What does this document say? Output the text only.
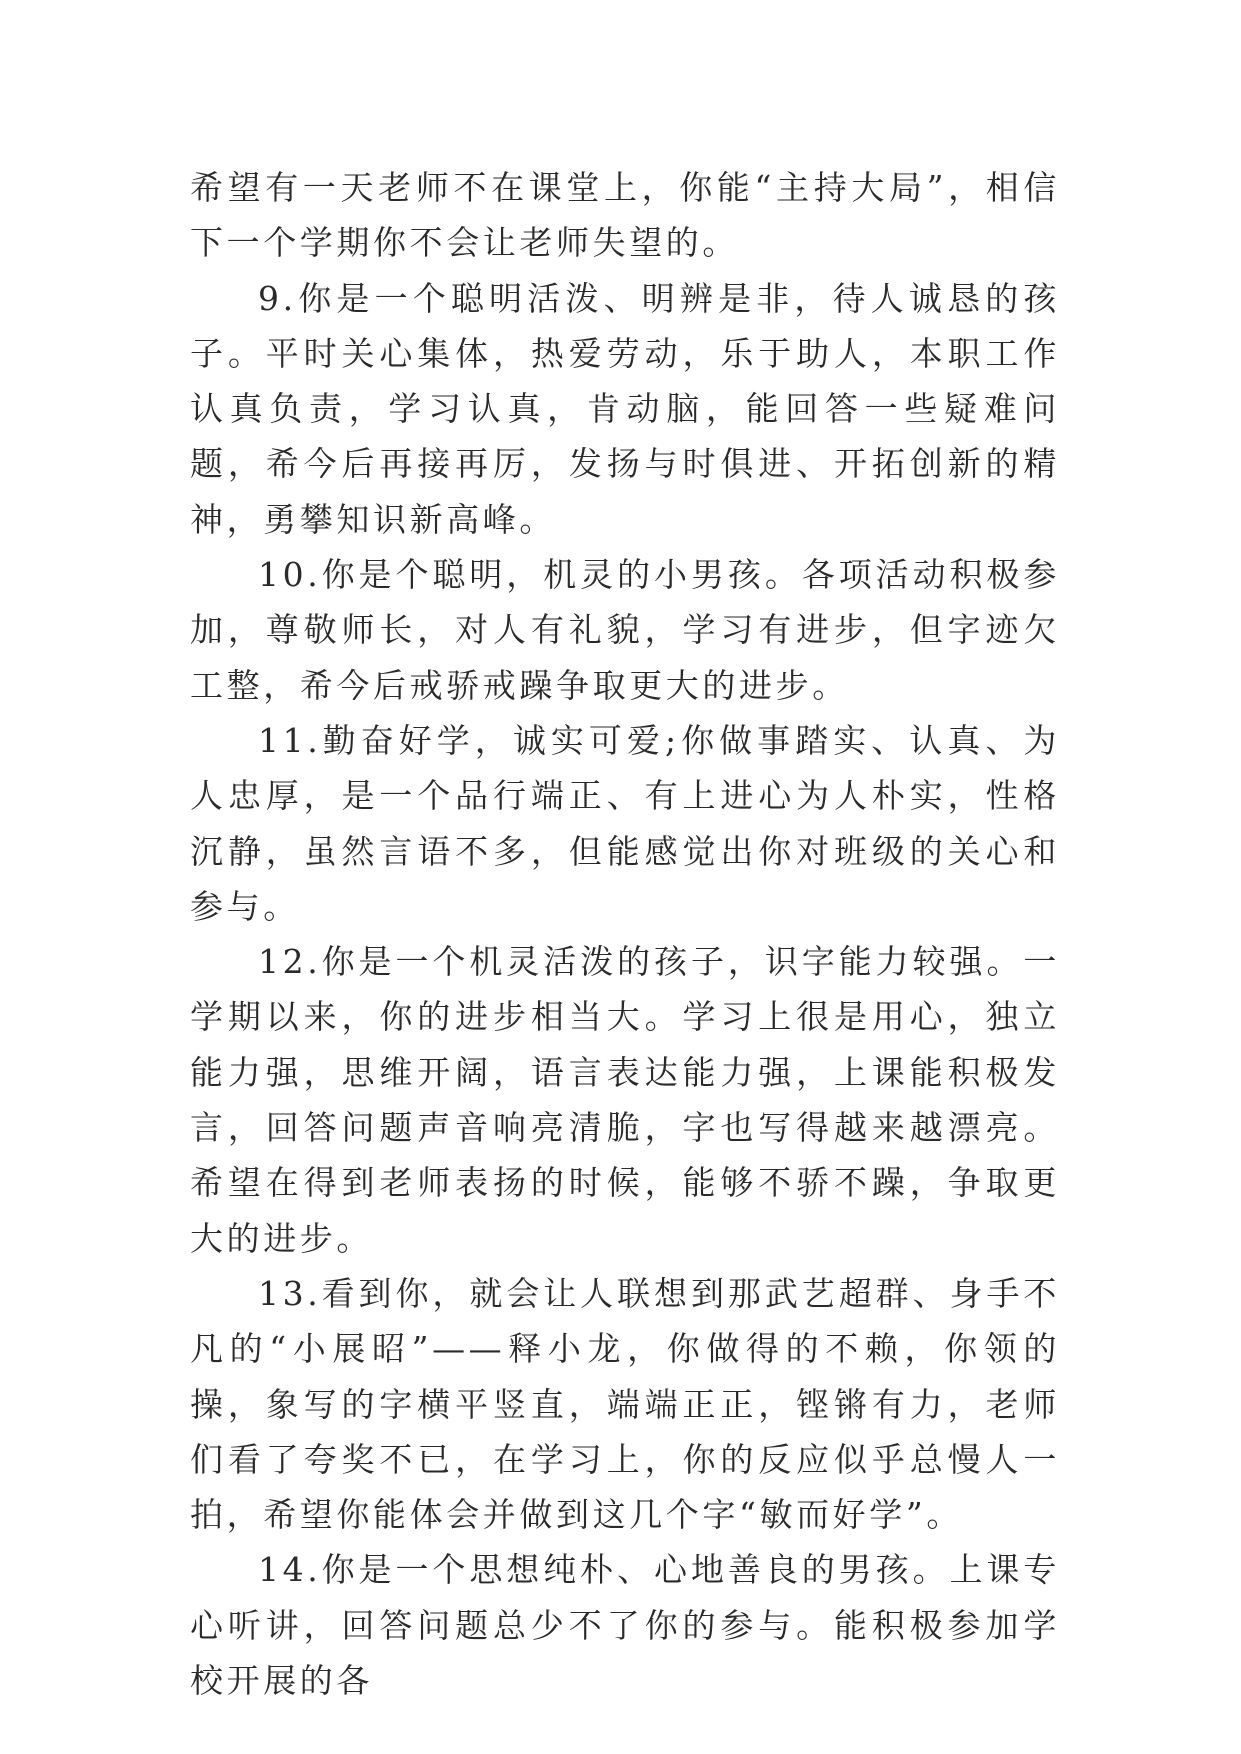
希望有一天老师不在课堂上，你能“主持大局”，相信下一个学期你不会让老师失望的。

9.你是一个聪明活泼、明辨是非，待人诚恳的孩子。平时关心集体，热爱劳动，乐于助人，本职工作认真负责，学习认真，肯动脑，能回答一些疑难问题，希今后再接再厉，发扬与时俱进、开拓创新的精神，勇攀知识新高峰。

10.你是个聪明，机灵的小男孩。各项活动积极参加，尊敬师长，对人有礼貌，学习有进步，但字迹欠工整，希今后戒骄戒躁争取更大的进步。

11.勤奋好学，诚实可爱;你做事踏实、认真、为人忠厚，是一个品行端正、有上进心为人朴实，性格沉静，虽然言语不多，但能感觉出你对班级的关心和参与。

12.你是一个机灵活泼的孩子，识字能力较强。一学期以来，你的进步相当大。学习上很是用心，独立能力强，思维开阔，语言表达能力强，上课能积极发言，回答问题声音响亮清脆，字也写得越来越漂亮。希望在得到老师表扬的时候，能够不骄不躁，争取更大的进步。

13.看到你，就会让人联想到那武艺超群、身手不凡的“小展昭”——释小龙，你做得的不赖，你领的操，象写的字横平竖直，端端正正，铿锵有力，老师们看了夸奖不已，在学习上，你的反应似乎总慢人一拍，希望你能体会并做到这几个字“敏而好学”。

14.你是一个思想纯朴、心地善良的男孩。上课专心听讲，回答问题总少不了你的参与。能积极参加学校开展的各
